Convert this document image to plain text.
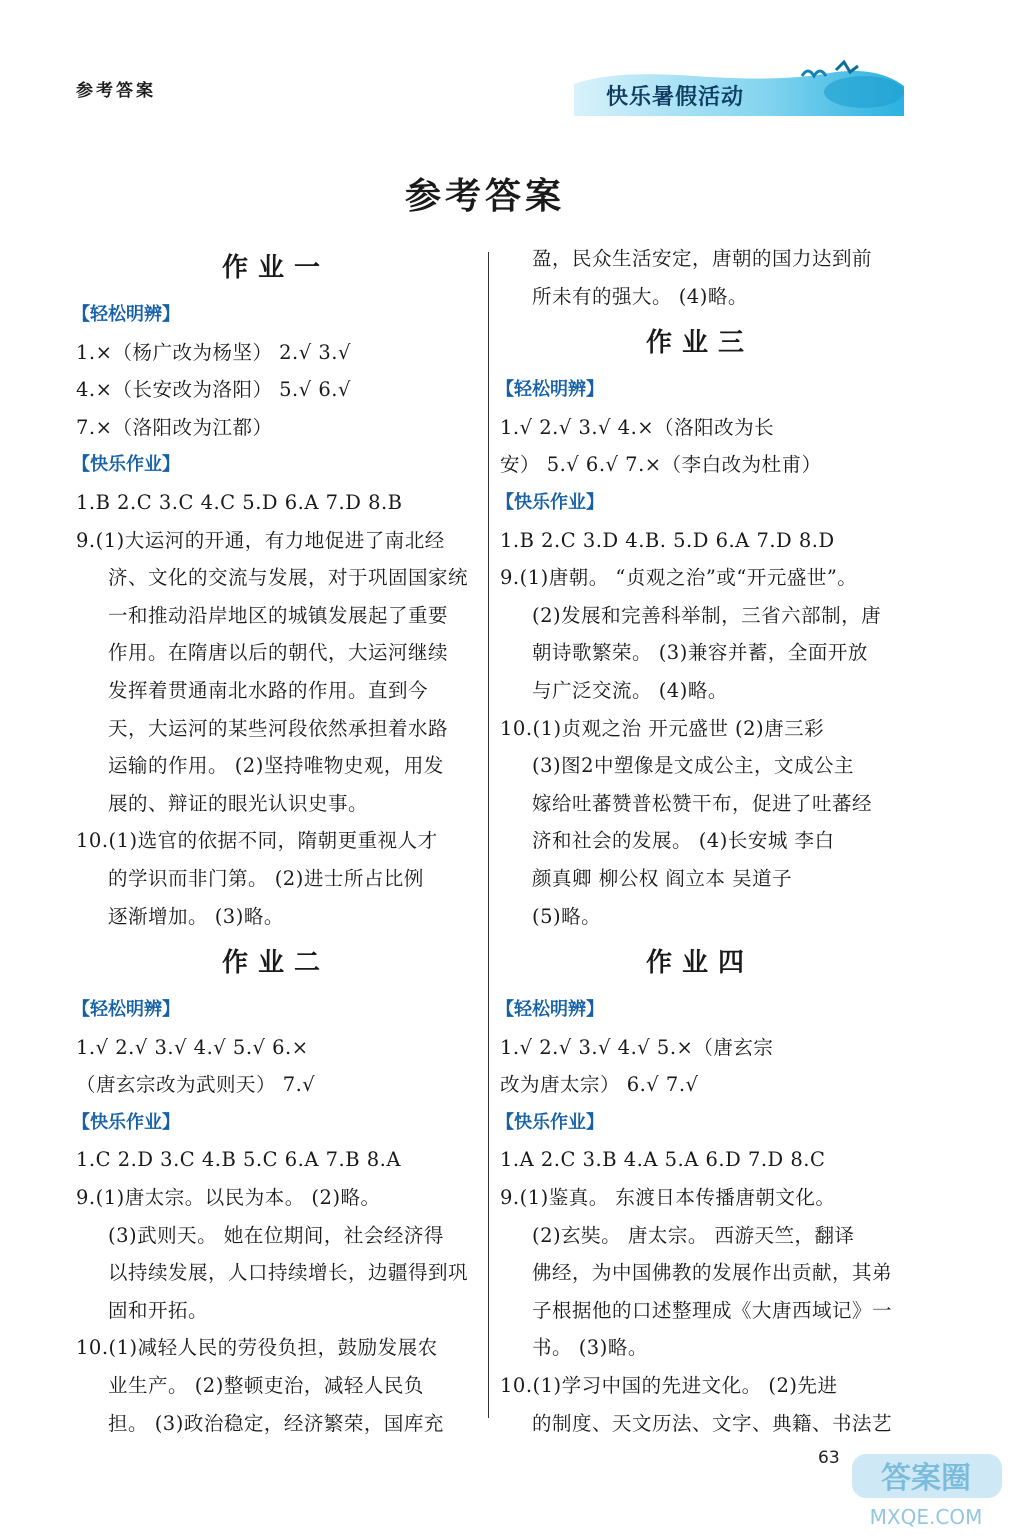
参考答案	快乐暑假活动
参考答案
作业一
【轻松明辨】
1.×（杨广改为杨坚） 2.√ 3.√
4.×（长安改为洛阳） 5.√ 6.√
7.×（洛阳改为江都）
【快乐作业】
1.B 2.C 3.C 4.C 5.D 6.A 7.D 8.B
9.(1)大运河的开通，有力地促进了南北经
济、文化的交流与发展，对于巩固国家统
一和推动沿岸地区的城镇发展起了重要
作用。在隋唐以后的朝代，大运河继续
发挥着贯通南北水路的作用。直到今
天，大运河的某些河段依然承担着水路
运输的作用。 (2)坚持唯物史观，用发
展的、辩证的眼光认识史事。
10.(1)选官的依据不同，隋朝更重视人才
的学识而非门第。 (2)进士所占比例
逐渐增加。 (3)略。
作业二
【轻松明辨】
1.√ 2.√ 3.√ 4.√ 5.√ 6.×
（唐玄宗改为武则天） 7.√
【快乐作业】
1.C 2.D 3.C 4.B 5.C 6.A 7.B 8.A
9.(1)唐太宗。以民为本。 (2)略。
(3)武则天。 她在位期间，社会经济得
以持续发展，人口持续增长，边疆得到巩
固和开拓。
10.(1)减轻人民的劳役负担，鼓励发展农
业生产。 (2)整顿吏治，减轻人民负
担。 (3)政治稳定，经济繁荣，国库充
盈，民众生活安定，唐朝的国力达到前
所未有的强大。 (4)略。
作业三
【轻松明辨】
1.√ 2.√ 3.√ 4.×（洛阳改为长
安） 5.√ 6.√ 7.×（李白改为杜甫）
【快乐作业】
1.B 2.C 3.D 4.B. 5.D 6.A 7.D 8.D
9.(1)唐朝。 “贞观之治”或“开元盛世”。
(2)发展和完善科举制，三省六部制，唐
朝诗歌繁荣。 (3)兼容并蓄，全面开放
与广泛交流。 (4)略。
10.(1)贞观之治 开元盛世 (2)唐三彩
(3)图2中塑像是文成公主，文成公主
嫁给吐蕃赞普松赞干布，促进了吐蕃经
济和社会的发展。 (4)长安城 李白
颜真卿 柳公权 阎立本 吴道子
(5)略。
作业四
【轻松明辨】
1.√ 2.√ 3.√ 4.√ 5.×（唐玄宗
改为唐太宗） 6.√ 7.√
【快乐作业】
1.A 2.C 3.B 4.A 5.A 6.D 7.D 8.C
9.(1)鉴真。 东渡日本传播唐朝文化。
(2)玄奘。 唐太宗。 西游天竺，翻译
佛经，为中国佛教的发展作出贡献，其弟
子根据他的口述整理成《大唐西域记》一
书。 (3)略。
10.(1)学习中国的先进文化。 (2)先进
的制度、天文历法、文字、典籍、书法艺
63
答案圈
MXQE.COM
